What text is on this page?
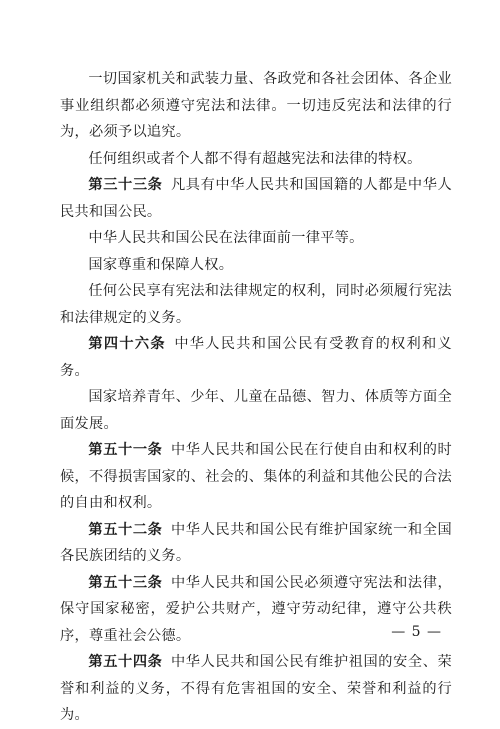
一切国家机关和武装力量、各政党和各社会团体、各企业事业组织都必须遵守宪法和法律。一切违反宪法和法律的行为，必须予以追究。

任何组织或者个人都不得有超越宪法和法律的特权。

第三十三条 凡具有中华人民共和国国籍的人都是中华人民共和国公民。

中华人民共和国公民在法律面前一律平等。

国家尊重和保障人权。

任何公民享有宪法和法律规定的权利，同时必须履行宪法和法律规定的义务。

第四十六条 中华人民共和国公民有受教育的权利和义务。

国家培养青年、少年、儿童在品德、智力、体质等方面全面发展。

第五十一条 中华人民共和国公民在行使自由和权利的时候，不得损害国家的、社会的、集体的利益和其他公民的合法的自由和权利。

第五十二条 中华人民共和国公民有维护国家统一和全国各民族团结的义务。

第五十三条 中华人民共和国公民必须遵守宪法和法律，保守国家秘密，爱护公共财产，遵守劳动纪律，遵守公共秩序，尊重社会公德。

第五十四条 中华人民共和国公民有维护祖国的安全、荣誉和利益的义务，不得有危害祖国的安全、荣誉和利益的行为。

— 5 —
